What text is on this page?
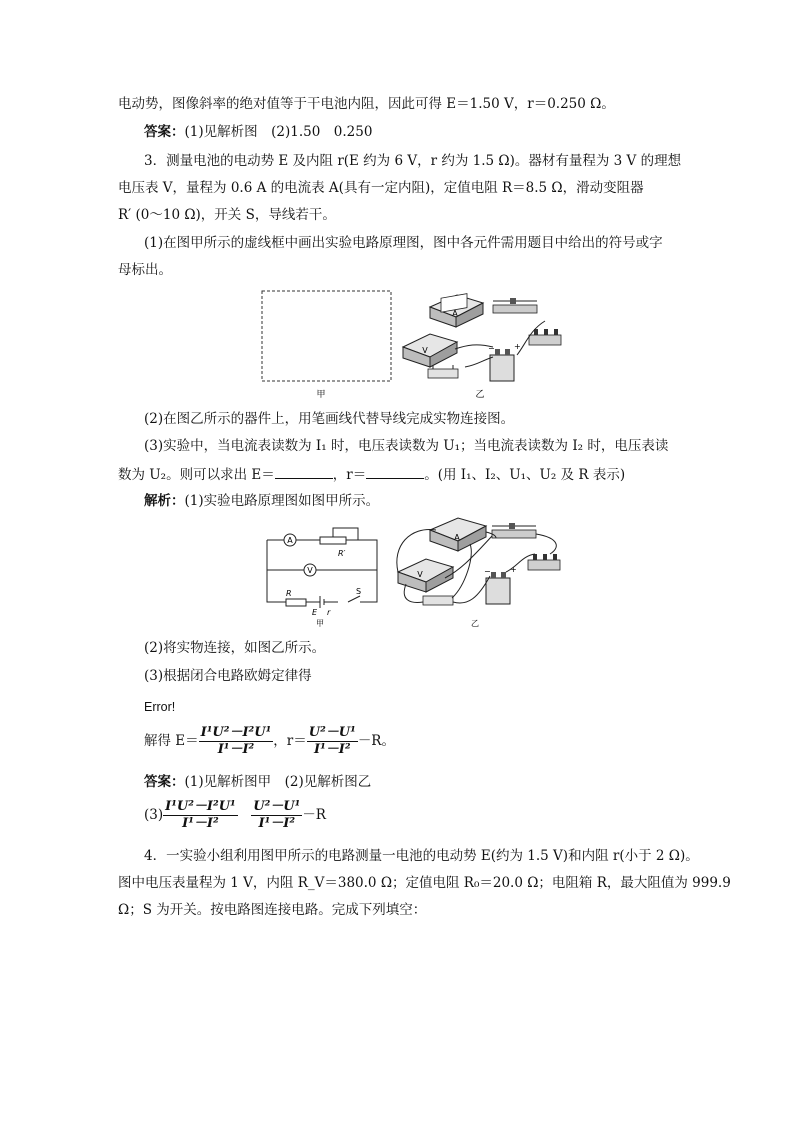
电动势，图像斜率的绝对值等于干电池内阻，因此可得 E＝1.50 V，r＝0.250 Ω。
答案：(1)见解析图　(2)1.50　0.250
3．测量电池的电动势 E 及内阻 r(E 约为 6 V，r 约为 1.5 Ω)。器材有量程为 3 V 的理想
电压表 V，量程为 0.6 A 的电流表 A(具有一定内阻)，定值电阻 R＝8.5 Ω，滑动变阻器
R′ (0～10 Ω)，开关 S，导线若干。
(1)在图甲所示的虚线框中画出实验电路原理图，图中各元件需用题目中给出的符号或字
母标出。
A
V	− +
甲	乙
(2)在图乙所示的器件上，用笔画线代替导线完成实物连接图。
(3)实验中，当电流表读数为 I₁ 时，电压表读数为 U₁；当电流表读数为 I₂ 时，电压表读
数为 U₂。则可以求出 E＝	，r＝	。(用 I₁、I₂、U₁、U₂ 及 R 表示)
解析：(1)实验电路原理图如图甲所示。
A
V
R′
R	S
E r
A
V	− +
甲	乙
(2)将实物连接，如图乙所示。
(3)根据闭合电路欧姆定律得
Error!
解得 $E= \frac{\text{I¹U²－I²U¹}}{\text{I¹－I²}}$ ，$r= \frac{\text{U²－U¹}}{\text{I¹－I²}} -R$。
答案：(1)见解析图甲　(2)见解析图乙
$(3) \frac{\text{I¹U²－I²U¹}}{\text{I¹－I²}}$
　 $\frac{\text{U²－U¹}}{\text{I¹－I²}} -R$
4．一实验小组利用图甲所示的电路测量一电池的电动势 E(约为 1.5 V)和内阻 r(小于 2 Ω)。
图中电压表量程为 1 V，内阻 R_V＝380.0 Ω；定值电阻 R₀＝20.0 Ω；电阻箱 R，最大阻值为 999.9
Ω；S 为开关。按电路图连接电路。完成下列填空：
